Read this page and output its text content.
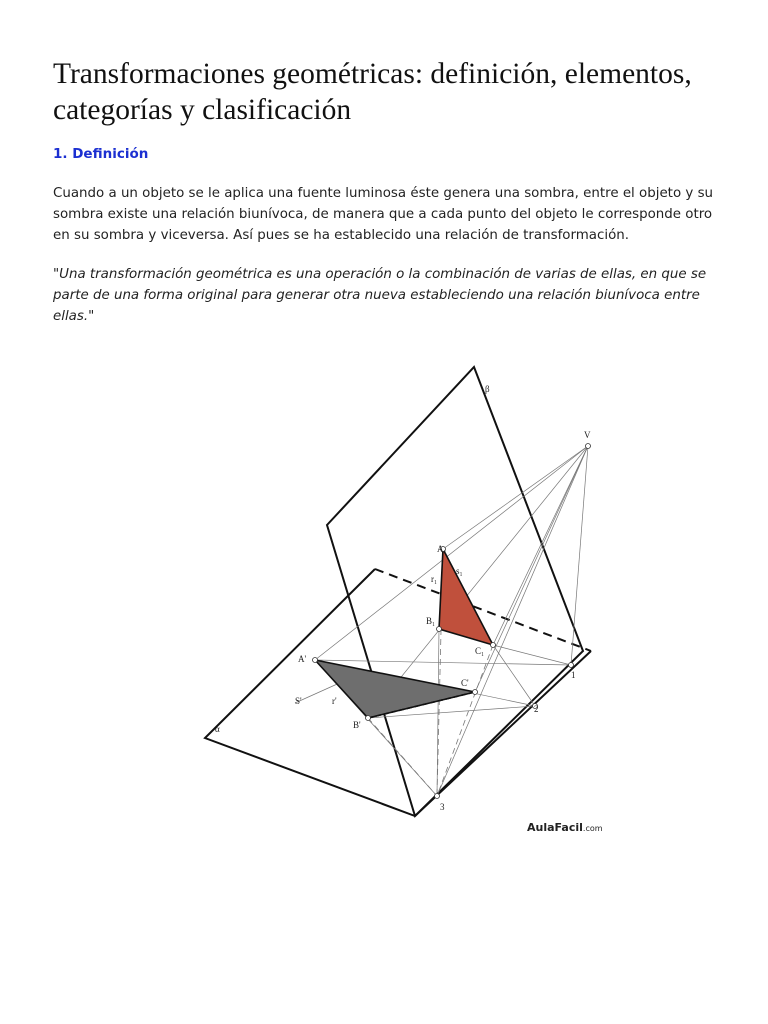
Transformaciones geométricas: definición, elementos, categorías y clasificación
1. Definición

Cuando a un objeto se le aplica una fuente luminosa éste genera una sombra, entre el objeto y su sombra existe una relación biunívoca, de manera que a cada punto del objeto le corresponde otro en su sombra y viceversa. Así pues se ha establecido una relación de transformación.

"Una transformación geométrica es una operación o la combinación de varias de ellas, en que se parte de una forma original para generar otra nueva estableciendo una relación biunívoca entre ellas."

β
α
V
A₁
B₁
C₁
r₁
s₁
A'
B'
C'
r'
S'
1
2
3
AulaFacil.com
